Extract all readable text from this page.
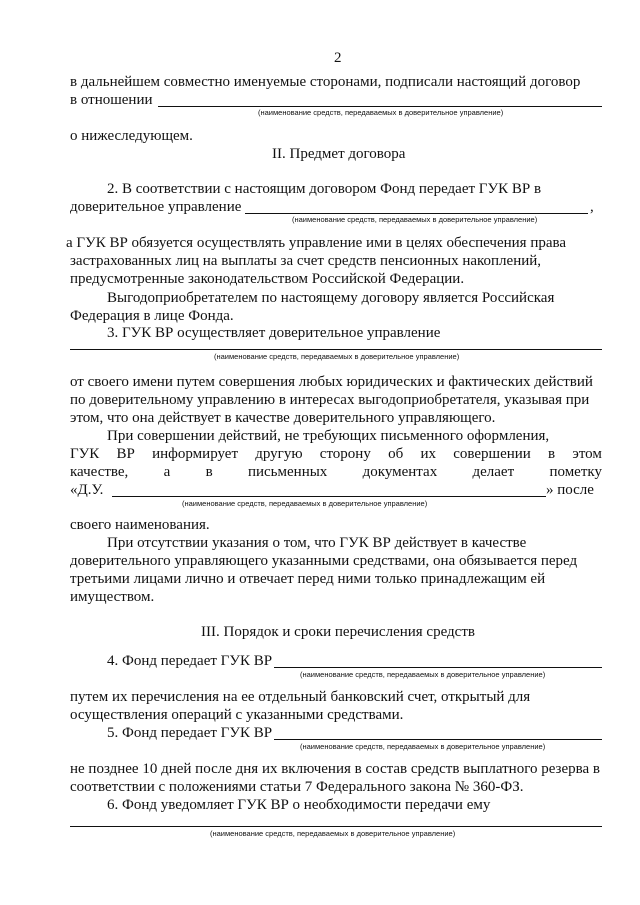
2
в дальнейшем совместно именуемые сторонами, подписали настоящий договор
в отношении
(наименование средств, передаваемых в доверительное управление)
о нижеследующем.
II. Предмет договора
2. В соответствии с настоящим договором Фонд передает ГУК ВР в
доверительное управление	,
(наименование средств, передаваемых в доверительное управление)
а ГУК ВР обязуется осуществлять управление ими в целях обеспечения права
застрахованных лиц на выплаты за счет средств пенсионных накоплений,
предусмотренные законодательством Российской Федерации.
Выгодоприобретателем по настоящему договору является Российская
Федерация в лице Фонда.
3. ГУК ВР осуществляет доверительное управление
(наименование средств, передаваемых в доверительное управление)
от своего имени путем совершения любых юридических и фактических действий
по доверительному управлению в интересах выгодоприобретателя, указывая при
этом, что она действует в качестве доверительного управляющего.
При совершении действий, не требующих письменного оформления,
ГУК ВР информирует другую сторону об их совершении в этом
качестве, а в письменных документах делает пометку
«Д.У.	» после
(наименование средств, передаваемых в доверительное управление)
своего наименования.
При отсутствии указания о том, что ГУК ВР действует в качестве
доверительного управляющего указанными средствами, она обязывается перед
третьими лицами лично и отвечает перед ними только принадлежащим ей
имуществом.
III. Порядок и сроки перечисления средств
4. Фонд передает ГУК ВР
(наименование средств, передаваемых в доверительное управление)
путем их перечисления на ее отдельный банковский счет, открытый для
осуществления операций с указанными средствами.
5. Фонд передает ГУК ВР
(наименование средств, передаваемых в доверительное управление)
не позднее 10 дней после дня их включения в состав средств выплатного резерва в
соответствии с положениями статьи 7 Федерального закона № 360-ФЗ.
6. Фонд уведомляет ГУК ВР о необходимости передачи ему
(наименование средств, передаваемых в доверительное управление)
